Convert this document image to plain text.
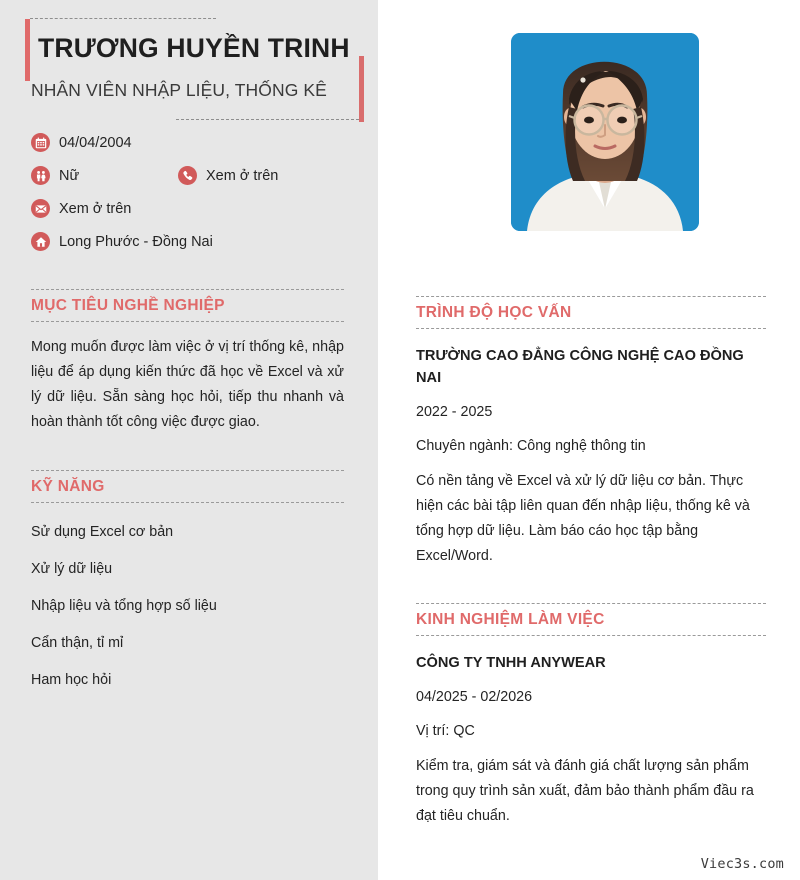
TRƯƠNG HUYỀN TRINH
NHÂN VIÊN NHẬP LIỆU, THỐNG KÊ
04/04/2004
Nữ	Xem ở trên
Xem ở trên
Long Phước - Đồng Nai
MỤC TIÊU NGHỀ NGHIỆP
Mong muốn được làm việc ở vị trí thống kê, nhập liệu để áp dụng kiến thức đã học về Excel và xử lý dữ liệu. Sẵn sàng học hỏi, tiếp thu nhanh và hoàn thành tốt công việc được giao.
KỸ NĂNG
Sử dụng Excel cơ bản
Xử lý dữ liệu
Nhập liệu và tổng hợp số liệu
Cẩn thận, tỉ mỉ
Ham học hỏi
TRÌNH ĐỘ HỌC VẤN
TRƯỜNG CAO ĐẲNG CÔNG NGHỆ CAO ĐỒNG NAI
2022 - 2025
Chuyên ngành: Công nghệ thông tin
Có nền tảng về Excel và xử lý dữ liệu cơ bản. Thực hiện các bài tập liên quan đến nhập liệu, thống kê và tổng hợp dữ liệu. Làm báo cáo học tập bằng Excel/Word.
KINH NGHIỆM LÀM VIỆC
CÔNG TY TNHH ANYWEAR
04/2025 - 02/2026
Vị trí: QC
Kiểm tra, giám sát và đánh giá chất lượng sản phẩm trong quy trình sản xuất, đảm bảo thành phẩm đầu ra đạt tiêu chuẩn.
Viec3s.com
